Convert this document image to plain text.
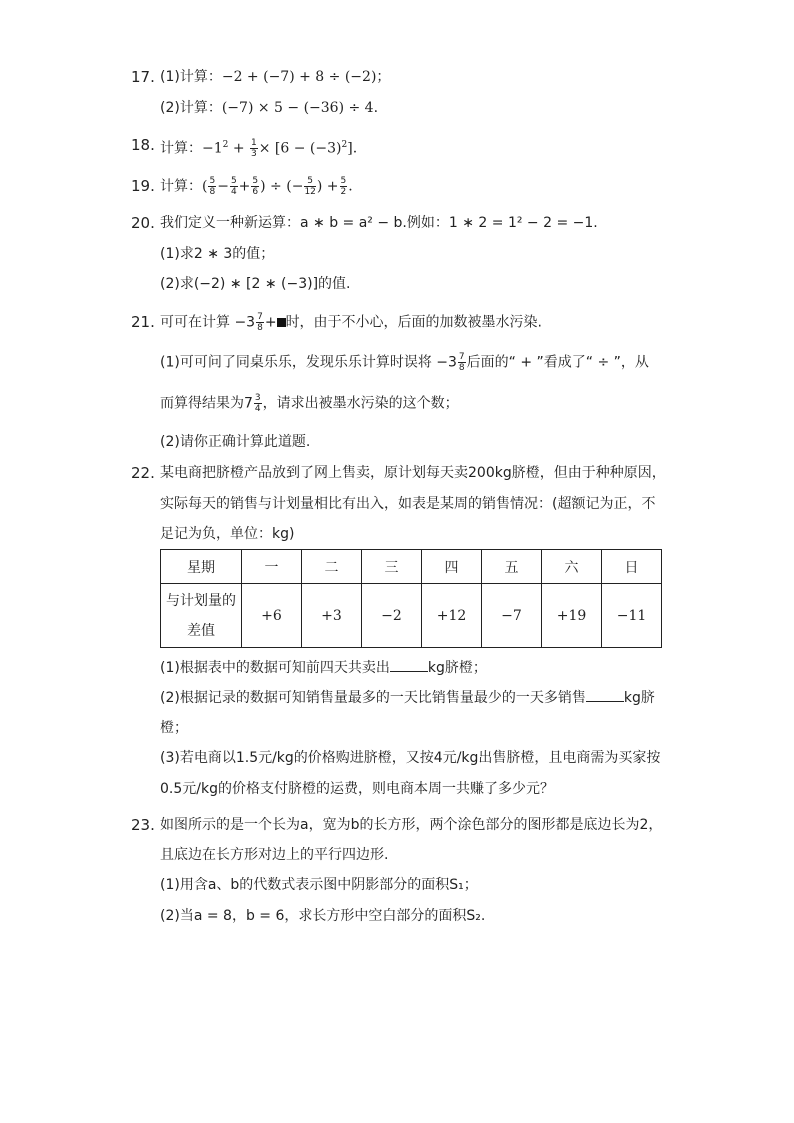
17. (1)计算：−2 + (−7) + 8 ÷ (−2)；
(2)计算：(−7) × 5 − (−36) ÷ 4.
18. 计算：$-1^2 + \frac{1}{3} \times [6 - (-3)^2]$.
19. 计算：( $\frac{5}{8} - \frac{5}{4} + \frac{5}{6}$ ) ÷ (− $\frac{5}{12}$ ) + $\frac{5}{2}$ .
20. 我们定义一种新运算：a ∗ b = a² − b.例如：1 ∗ 2 = 1² − 2 = −1.
(1)求2 ∗ 3的值；
(2)求(−2) ∗ [2 ∗ (−3)]的值.
21. 可可在计算 $-3 \frac{7}{8}$ + 时，由于不小心，后面的加数被墨水污染.
(1)可可问了同桌乐乐，发现乐乐计算时误将 $-3 \frac{7}{8}$ 后面的“ + ”看成了“ ÷ ”，从
而算得结果为$7 \frac{3}{4}$ ，请求出被墨水污染的这个数；
(2)请你正确计算此道题.
22. 某电商把脐橙产品放到了网上售卖，原计划每天卖200kg脐橙，但由于种种原因，
实际每天的销售与计划量相比有出入，如表是某周的销售情况：(超额记为正，不
足记为负，单位：kg)
星期	一	二	三	四	五	六	日

与计划量的
差值	+6	+3	−2	+12	−7	+19	−11
(1)根据表中的数据可知前四天共卖出	kg脐橙；
(2)根据记录的数据可知销售量最多的一天比销售量最少的一天多销售	kg脐
橙；
(3)若电商以1.5元/kg的价格购进脐橙，又按4元/kg出售脐橙，且电商需为买家按
0.5元/kg的价格支付脐橙的运费，则电商本周一共赚了多少元？
23. 如图所示的是一个长为a，宽为b的长方形，两个涂色部分的图形都是底边长为2，
且底边在长方形对边上的平行四边形.
(1)用含a、b的代数式表示图中阴影部分的面积S₁；
(2)当a = 8，b = 6，求长方形中空白部分的面积S₂.
